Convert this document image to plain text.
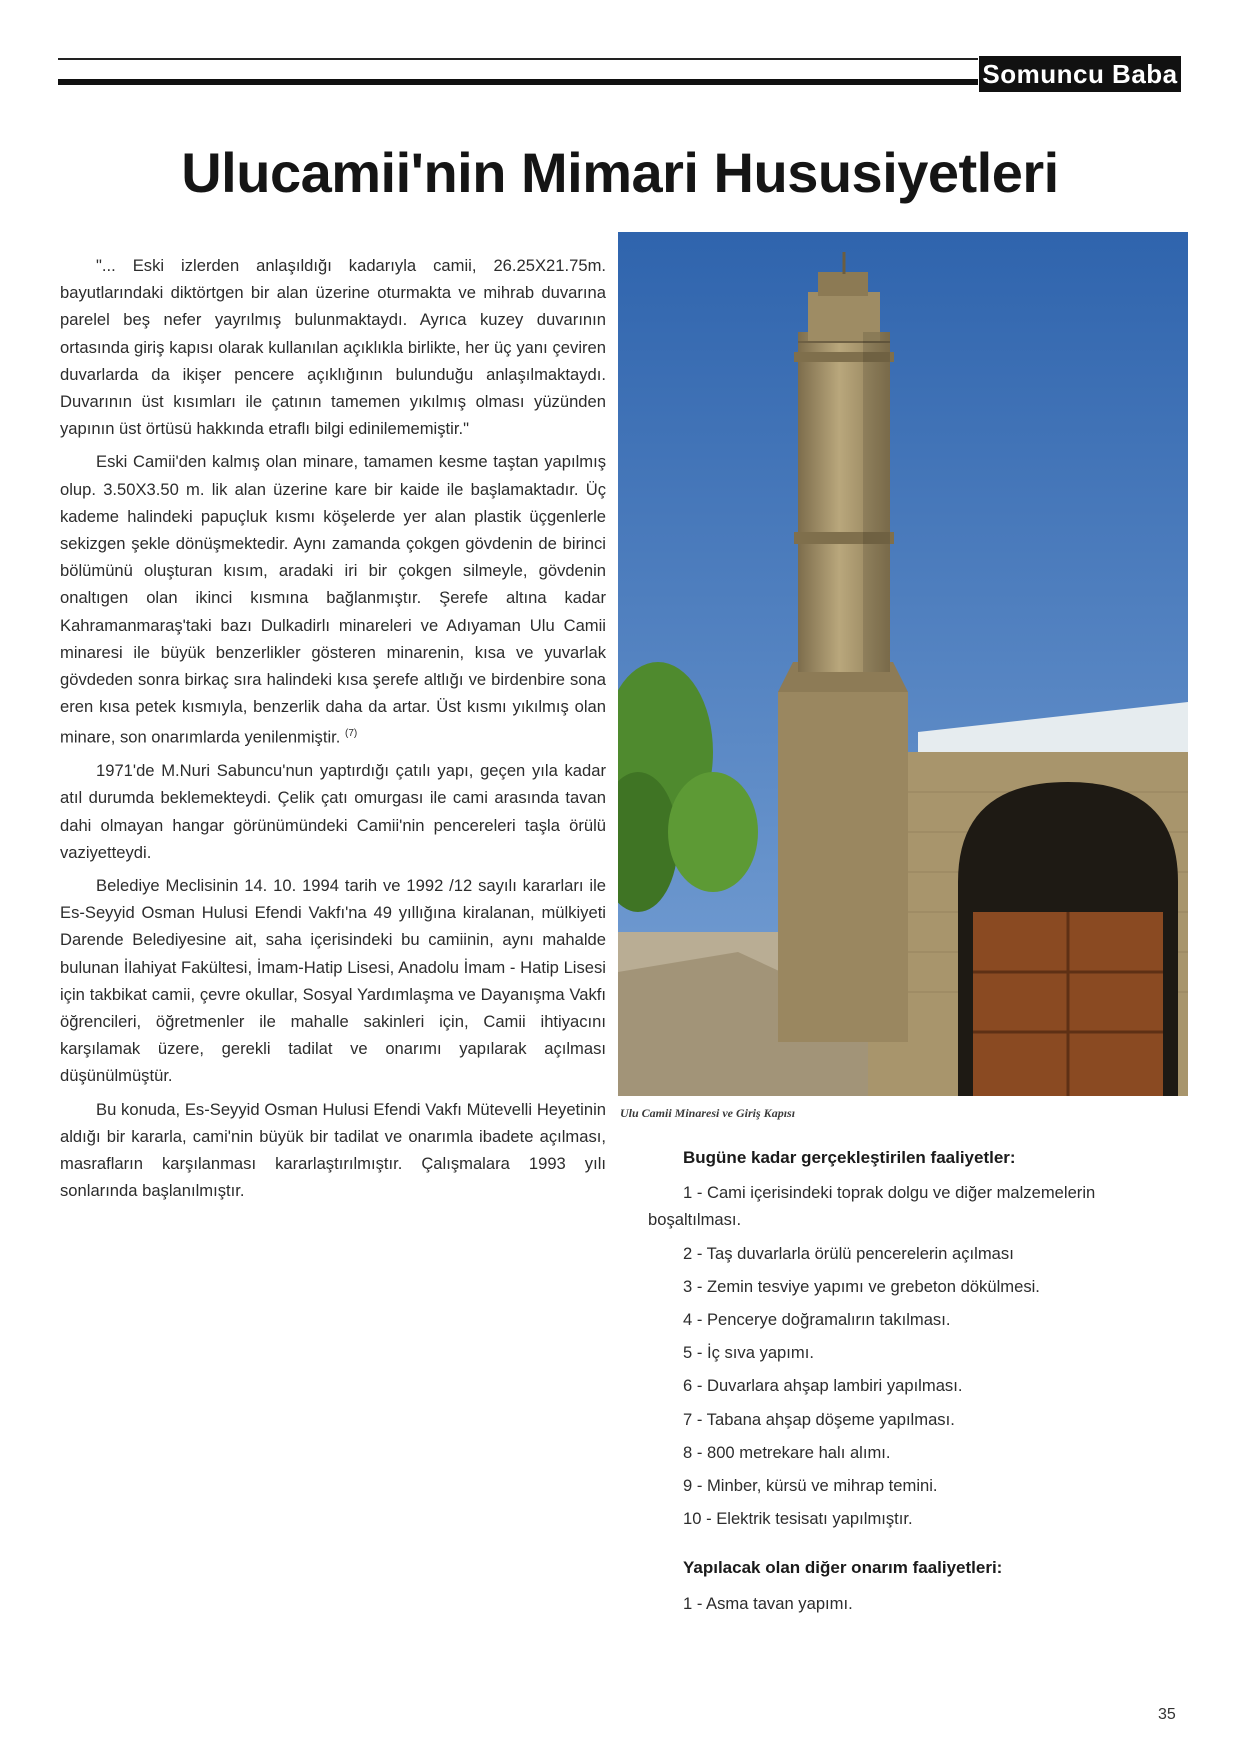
Somuncu Baba
Ulucamii'nin Mimari Hususiyetleri

"... Eski izlerden anlaşıldığı kadarıyla camii, 26.25X21.75m. bayutlarındaki diktörtgen bir alan üzerine oturmakta ve mihrab duvarına parelel beş nefer yayrılmış bulunmaktaydı. Ayrıca kuzey duvarının ortasında giriş kapısı olarak kullanılan açıklıkla birlikte, her üç yanı çeviren duvarlarda da ikişer pencere açıklığının bulunduğu anlaşılmaktaydı. Duvarının üst kısımları ile çatının tamemen yıkılmış olması yüzünden yapının üst örtüsü hakkında etraflı bilgi edinilememiştir."

Eski Camii'den kalmış olan minare, tamamen kesme taştan yapılmış olup. 3.50X3.50 m. lik alan üzerine kare bir kaide ile başlamaktadır. Üç kademe halindeki papuçluk kısmı köşelerde yer alan plastik üçgenlerle sekizgen şekle dönüşmektedir. Aynı zamanda çokgen gövdenin de birinci bölümünü oluşturan kısım, aradaki iri bir çokgen silmeyle, gövdenin onaltıgen olan ikinci kısmına bağlanmıştır. Şerefe altına kadar Kahramanmaraş'taki bazı Dulkadirlı minareleri ve Adıyaman Ulu Camii minaresi ile büyük benzerlikler gösteren minarenin, kısa ve yuvarlak gövdeden sonra birkaç sıra halindeki kısa şerefe altlığı ve birdenbire sona eren kısa petek kısmıyla, benzerlik daha da artar. Üst kısmı yıkılmış olan minare, son onarımlarda yenilenmiştir. $^{(7)}$

1971'de M.Nuri Sabuncu'nun yaptırdığı çatılı yapı, geçen yıla kadar atıl durumda beklemekteydi. Çelik çatı omurgası ile cami arasında tavan dahi olmayan hangar görünümündeki Camii'nin pencereleri taşla örülü vaziyetteydi.

Belediye Meclisinin 14. 10. 1994 tarih ve 1992 /12 sayılı kararları ile Es-Seyyid Osman Hulusi Efendi Vakfı'na 49 yıllığına kiralanan, mülkiyeti Darende Belediyesine ait, saha içerisindeki bu camiinin, aynı mahalde bulunan İlahiyat Fakültesi, İmam-Hatip Lisesi, Anadolu İmam - Hatip Lisesi için takbikat camii, çevre okullar, Sosyal Yardımlaşma ve Dayanışma Vakfı öğrencileri, öğretmenler ile mahalle sakinleri için, Camii ihtiyacını karşılamak üzere, gerekli tadilat ve onarımı yapılarak açılması düşünülmüştür.

Bu konuda, Es-Seyyid Osman Hulusi Efendi Vakfı Mütevelli Heyetinin aldığı bir kararla, cami'nin büyük bir tadilat ve onarımla ibadete açılması, masrafların karşılanması kararlaştırılmıştır. Çalışmalara 1993 yılı sonlarında başlanılmıştır.

Ulu Camii Minaresi ve Giriş Kapısı
Bugüne kadar gerçekleştirilen faaliyetler:
1 - Cami içerisindeki toprak dolgu ve diğer malzemelerin boşaltılması.
2 - Taş duvarlarla örülü pencerelerin açılması
3 - Zemin tesviye yapımı ve grebeton dökülmesi.
4 - Penceryе doğramalırın takılması.
5 - İç sıva yapımı.
6 - Duvarlara ahşap lambiri yapılması.
7 - Tabana ahşap döşeme yapılması.
8 - 800 metrekare halı alımı.
9 - Minber, kürsü ve mihrap temini.
10 - Elektrik tesisatı yapılmıştır.
Yapılacak olan diğer onarım faaliyetleri:
1 - Asma tavan yapımı.
35
